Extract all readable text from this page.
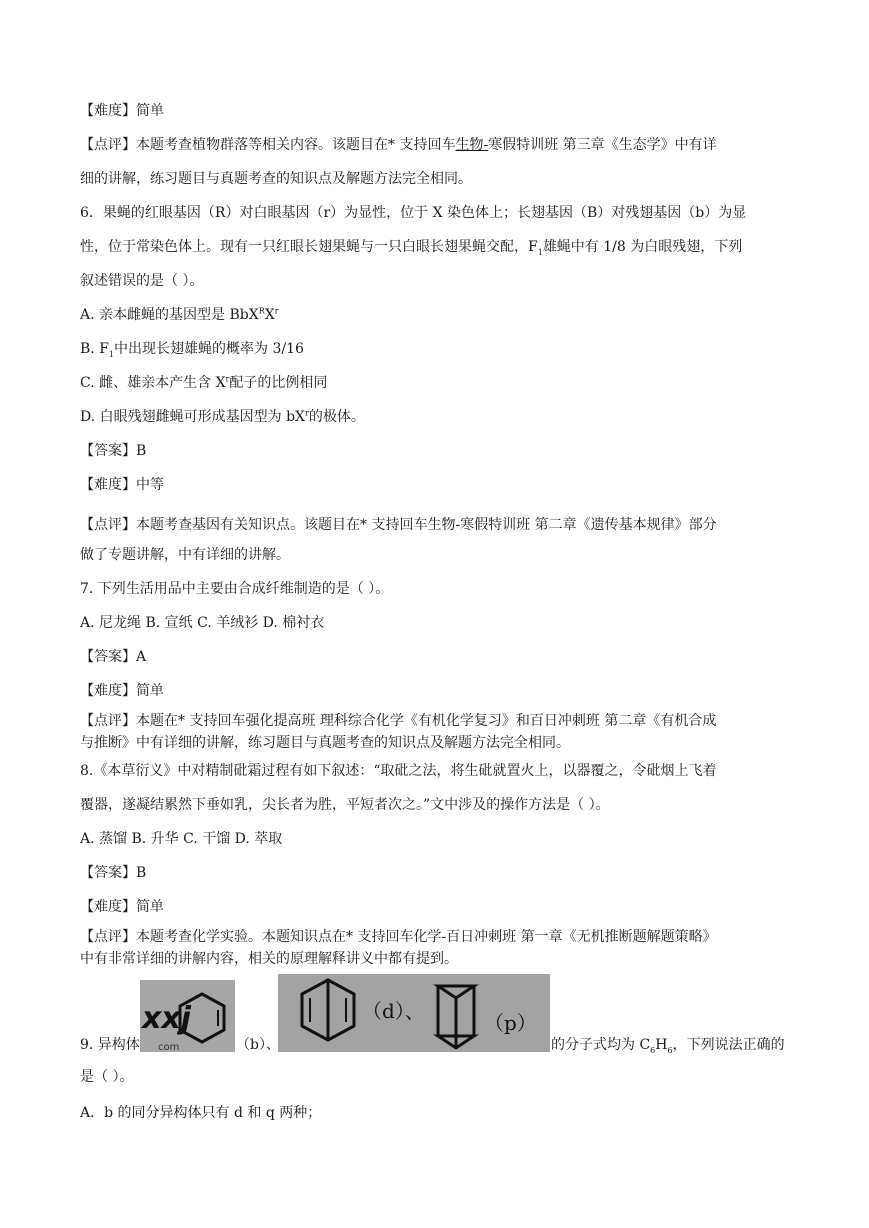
【难度】简单
【点评】本题考查植物群落等相关内容。该题目在* 支持回车生物-寒假特训班 第三章《生态学》中有详
细的讲解，练习题目与真题考查的知识点及解题方法完全相同。
6．果蝇的红眼基因（R）对白眼基因（r）为显性，位于 X 染色体上；长翅基因（B）对残翅基因（b）为显
性，位于常染色体上。现有一只红眼长翅果蝇与一只白眼长翅果蝇交配，$F_1$雄蝇中有 1/8 为白眼残翅，下列
叙述错误的是（ ）。
A. 亲本雌蝇的基因型是 $BbX^RX^r$
B. $F_1$中出现长翅雄蝇的概率为 3/16
C. 雌、雄亲本产生含 $X^r$配子的比例相同
D. 白眼残翅雌蝇可形成基因型为 $bX^r$的极体。
【答案】B
【难度】中等
【点评】本题考查基因有关知识点。该题目在* 支持回车生物-寒假特训班 第二章《遗传基本规律》部分
做了专题讲解，中有详细的讲解。
7. 下列生活用品中主要由合成纤维制造的是（ ）。
A. 尼龙绳 B. 宣纸 C. 羊绒衫 D. 棉衬衣
【答案】A
【难度】简单
【点评】本题在* 支持回车强化提高班 理科综合化学《有机化学复习》和百日冲刺班 第二章《有机合成
与推断》中有详细的讲解，练习题目与真题考查的知识点及解题方法完全相同。
8.《本草衍义》中对精制砒霜过程有如下叙述：“取砒之法，将生砒就置火上，以器覆之，令砒烟上飞着
覆器，遂凝结累然下垂如乳，尖长者为胜，平短者次之。”文中涉及的操作方法是（ ）。
A. 蒸馏 B. 升华 C. 干馏 D. 萃取
【答案】B
【难度】简单
【点评】本题考查化学实验。本题知识点在* 支持回车化学-百日冲刺班 第一章《无机推断题解题策略》
中有非常详细的讲解内容，相关的原理解释讲义中都有提到。
xxj
com
（d）、	（p）
9. 异构体	（b）、	的分子式均为 $C_6H_6$，下列说法正确的
是（ ）。
A．b 的同分异构体只有 d 和 q 两种；
